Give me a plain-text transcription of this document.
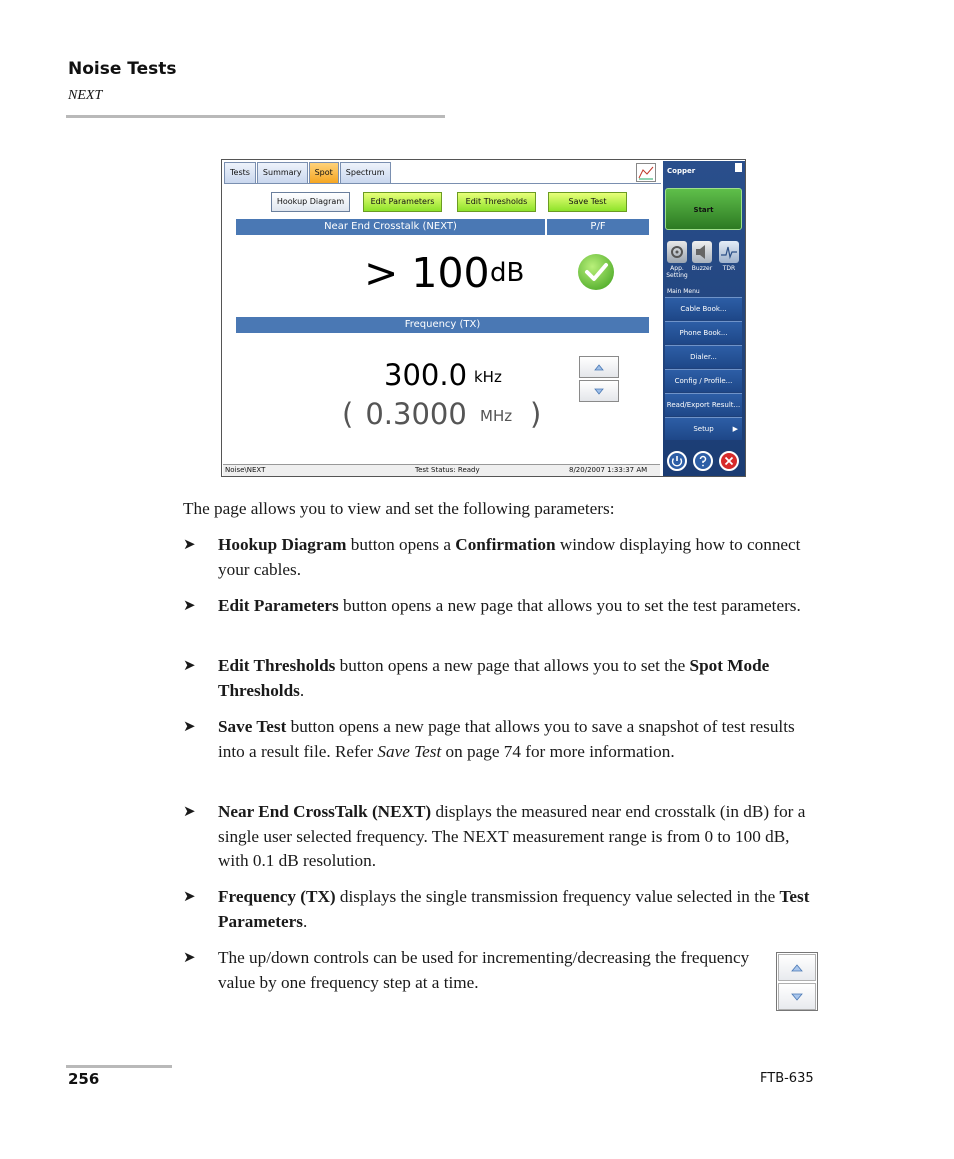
Noise Tests
NEXT
Tests	Summary	Spot	Spectrum
Hookup Diagram	Edit Parameters	Edit Thresholds	Save Test
Near End Crosstalk (NEXT)	P/F
> 100 dB
Frequency (TX)
300.0 kHz
( 0.3000 MHz )
Noise\NEXT	Test Status: Ready	8/20/2007 1:33:37 AM
Copper
Start
App. Setting
Buzzer	TDR
Main Menu
Cable Book...
Phone Book...
Dialer...
Config / Profile...
Read/Export Result...
Setup	▶
The page allows you to view and set the following parameters:
➤ Hookup Diagram button opens a Confirmation window displaying how to connect your cables.
➤ Edit Parameters button opens a new page that allows you to set the test parameters.
➤ Edit Thresholds button opens a new page that allows you to set the Spot Mode Thresholds.
➤ Save Test button opens a new page that allows you to save a snapshot of test results into a result file. Refer Save Test on page 74 for more information.
➤ Near End CrossTalk (NEXT) displays the measured near end crosstalk (in dB) for a single user selected frequency. The NEXT measurement range is from 0 to 100 dB, with 0.1 dB resolution.
➤ Frequency (TX) displays the single transmission frequency value selected in the Test Parameters.
➤ The up/down controls can be used for incrementing/decreasing the frequency value by one frequency step at a time.
256	FTB-635
